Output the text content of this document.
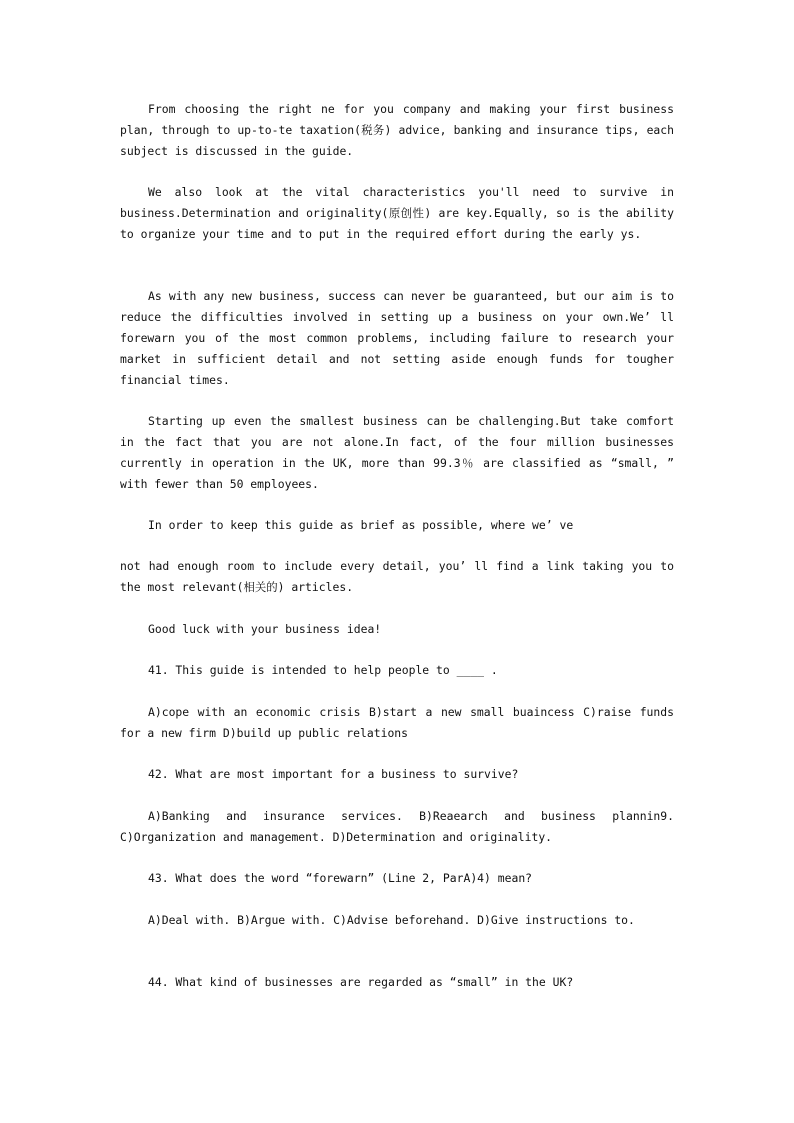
From choosing the right ne for you company and making your first business plan, through to up-to-te taxation(税务) advice, banking and insurance tips, each subject is discussed in the guide.

We also look at the vital characteristics you'll need to survive in business.Determination and originality(原创性) are key.Equally, so is the ability to organize your time and to put in the required effort during the early ys.

As with any new business, success can never be guaranteed, but our aim is to reduce the difficulties involved in setting up a business on your own.We’ ll forewarn you of the most common problems, including failure to research your market in sufficient detail and not setting aside enough funds for tougher financial times.

Starting up even the smallest business can be challenging.But take comfort in the fact that you are not alone.In fact, of the four million businesses currently in operation in the UK, more than 99.3％ are classified as “small, ” with fewer than 50 employees.

In order to keep this guide as brief as possible, where we’ ve

not had enough room to include every detail, you’ ll find a link taking you to the most relevant(相关的) articles.

Good luck with your business idea!

41. This guide is intended to help people to ____ .

A)cope with an economic crisis B)start a new small buaincess C)raise funds for a new firm D)build up public relations

42. What are most important for a business to survive?

A)Banking and insurance services. B)Reaearch and business plannin9. C)Organization and management. D)Determination and originality.

43. What does the word “forewarn” (Line 2, ParA)4) mean?

A)Deal with. B)Argue with. C)Advise beforehand. D)Give instructions to.

44. What kind of businesses are regarded as “small” in the UK?
